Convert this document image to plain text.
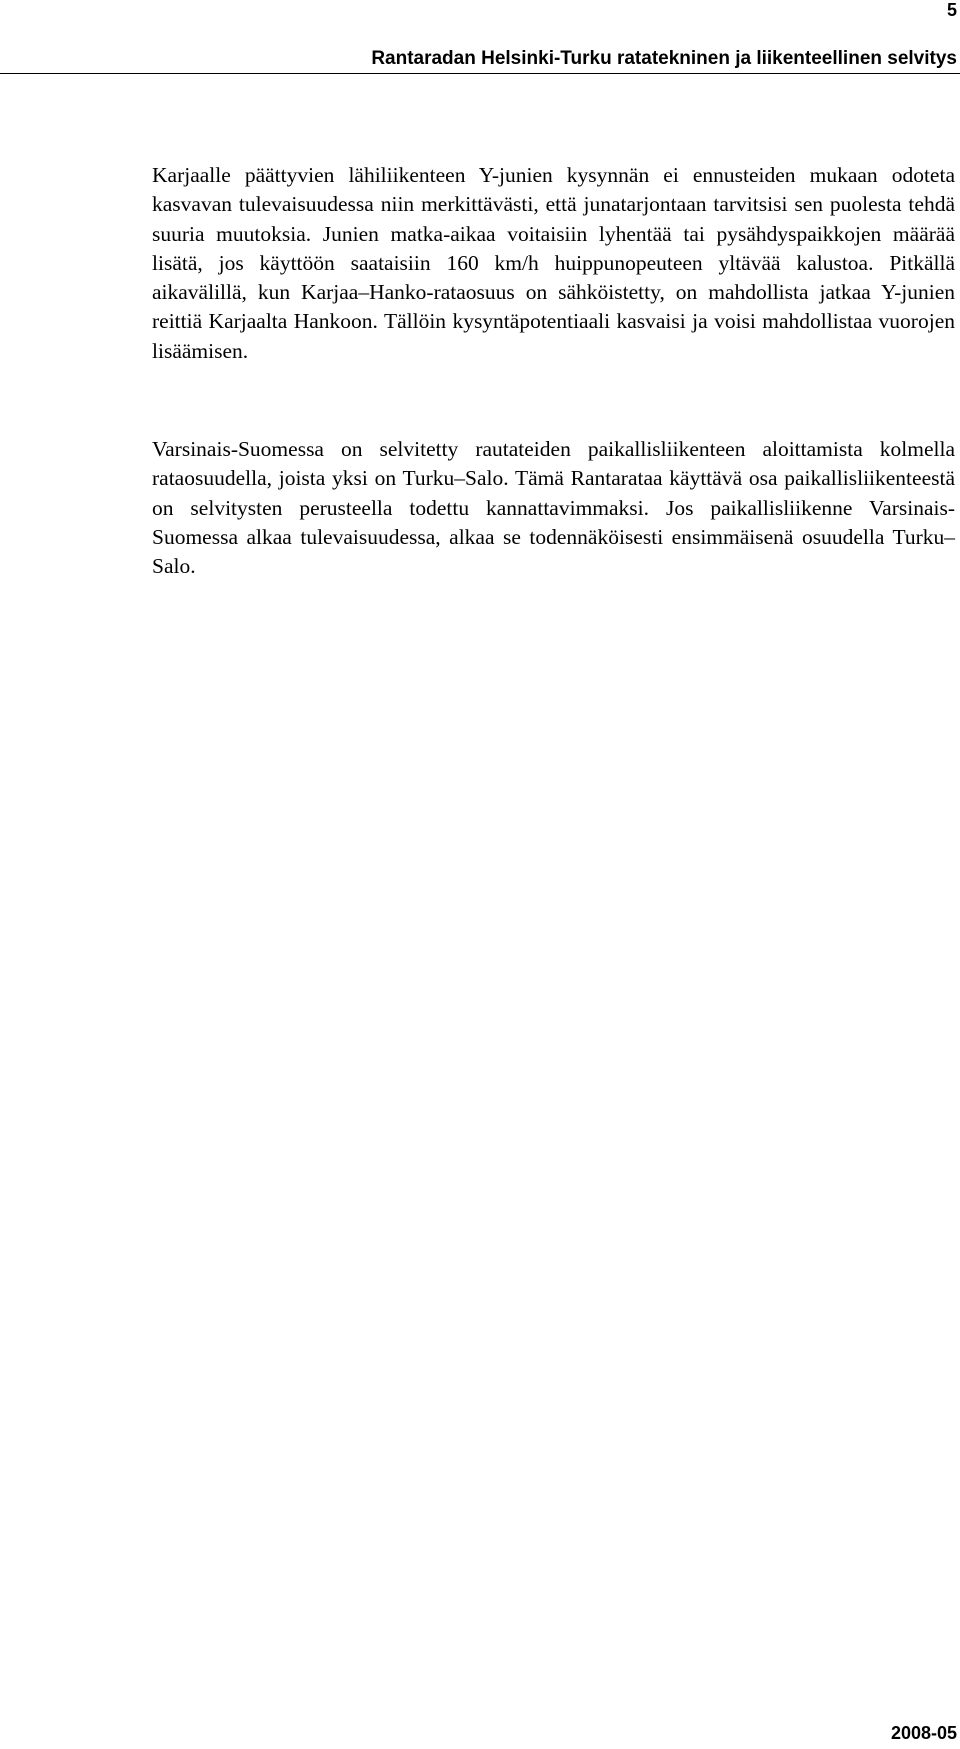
5
Rantaradan Helsinki-Turku ratatekninen ja liikenteellinen selvitys

Karjaalle päättyvien lähiliikenteen Y-junien kysynnän ei ennusteiden mukaan odoteta kasvavan tulevaisuudessa niin merkittävästi, että junatarjontaan tarvitsisi sen puolesta tehdä suuria muutoksia. Junien matka-aikaa voitaisiin lyhentää tai pysähdyspaikkojen määrää lisätä, jos käyttöön saataisiin 160 km/h huippunopeuteen yltävää kalustoa. Pitkällä aikavälillä, kun Karjaa–Hanko-rataosuus on sähköistetty, on mahdollista jatkaa Y-junien reittiä Karjaalta Hankoon. Tällöin kysyntäpotentiaali kasvaisi ja voisi mahdollistaa vuorojen lisäämisen.

Varsinais-Suomessa on selvitetty rautateiden paikallisliikenteen aloittamista kolmella rataosuudella, joista yksi on Turku–Salo. Tämä Rantarataa käyttävä osa paikallisliikenteestä on selvitysten perusteella todettu kannattavimmaksi. Jos paikallisliikenne Varsinais-Suomessa alkaa tulevaisuudessa, alkaa se todennäköisesti ensimmäisenä osuudella Turku–Salo.

2008-05
